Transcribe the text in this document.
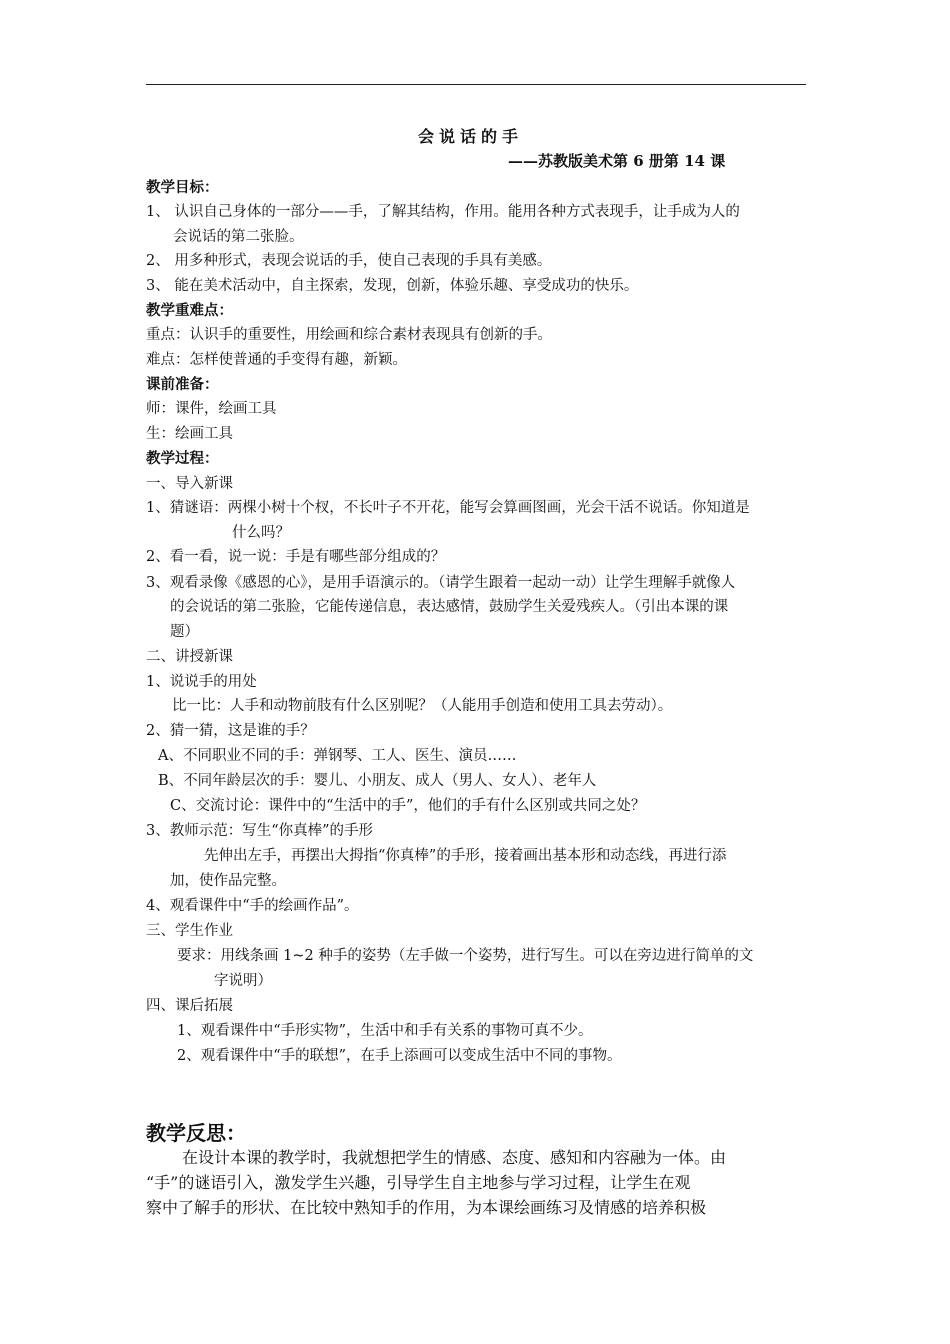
会说话的手
——苏教版美术第 6 册第 14 课
教学目标：
1、 认识自己身体的一部分——手，了解其结构，作用。能用各种方式表现手，让手成为人的
会说话的第二张脸。
2、 用多种形式，表现会说话的手，使自己表现的手具有美感。
3、 能在美术活动中，自主探索，发现，创新，体验乐趣、享受成功的快乐。
教学重难点：
重点：认识手的重要性，用绘画和综合素材表现具有创新的手。
难点：怎样使普通的手变得有趣，新颖。
课前准备：
师：课件，绘画工具
生：绘画工具
教学过程：
一、导入新课
1、猜谜语：两棵小树十个杈，不长叶子不开花，能写会算画图画，光会干活不说话。你知道是
什么吗？
2、看一看，说一说：手是有哪些部分组成的？
3、观看录像《感恩的心》，是用手语演示的。（请学生跟着一起动一动）让学生理解手就像人
的会说话的第二张脸，它能传递信息，表达感情，鼓励学生关爱残疾人。（引出本课的课
题）
二、讲授新课
1、说说手的用处
比一比：人手和动物前肢有什么区别呢？（人能用手创造和使用工具去劳动）。
2、猜一猜，这是谁的手？
A、不同职业不同的手：弹钢琴、工人、医生、演员……
B、不同年龄层次的手：婴儿、小朋友、成人（男人、女人）、老年人
C、交流讨论：课件中的“生活中的手”，他们的手有什么区别或共同之处？
3、教师示范：写生“你真棒”的手形
先伸出左手，再摆出大拇指“你真棒”的手形，接着画出基本形和动态线，再进行添
加，使作品完整。
4、观看课件中“手的绘画作品”。
三、学生作业
要求：用线条画 1~2 种手的姿势（左手做一个姿势，进行写生。可以在旁边进行简单的文
字说明）
四、课后拓展
1、观看课件中“手形实物”，生活中和手有关系的事物可真不少。
2、观看课件中“手的联想”，在手上添画可以变成生活中不同的事物。
教学反思：
在设计本课的教学时，我就想把学生的情感、态度、感知和内容融为一体。由
“手”的谜语引入，激发学生兴趣，引导学生自主地参与学习过程，让学生在观
察中了解手的形状、在比较中熟知手的作用，为本课绘画练习及情感的培养积极
